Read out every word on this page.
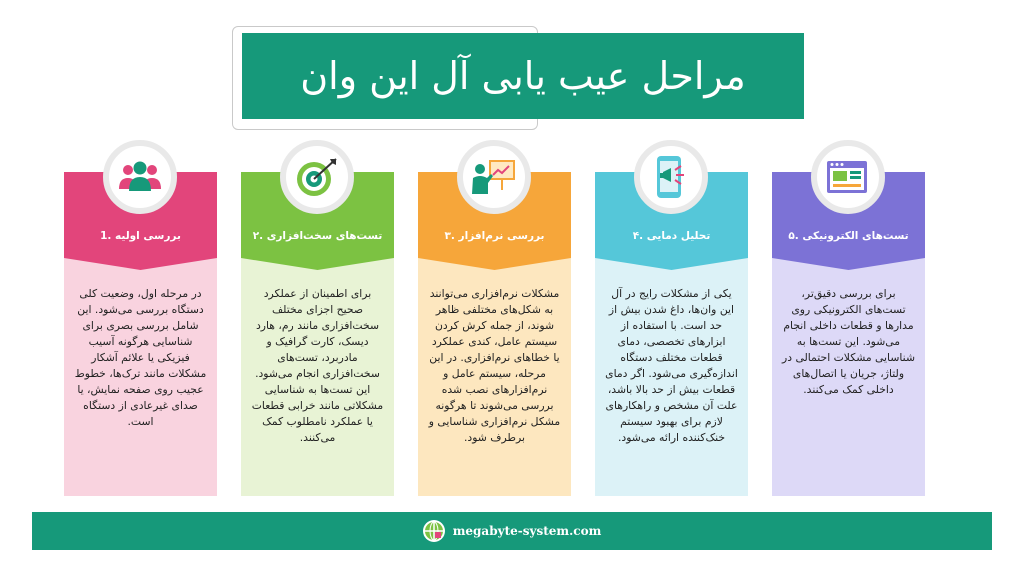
مراحل عیب یابی آل این وان
در مرحله اول، وضعیت کلی دستگاه بررسی می‌شود. این شامل بررسی بصری برای شناسایی هرگونه آسیب فیزیکی یا علائم آشکار مشکلات مانند ترک‌ها، خطوط عجیب روی صفحه نمایش، یا صدای غیرعادی از دستگاه است.
بررسی اولیه .1
برای اطمینان از عملکرد صحیح اجزای مختلف سخت‌افزاری مانند رم، هارد دیسک، کارت گرافیک و مادربرد، تست‌های سخت‌افزاری انجام می‌شود. این تست‌ها به شناسایی مشکلاتی مانند خرابی قطعات یا عملکرد نامطلوب کمک می‌کنند.
تست‌های سخت‌افزاری .۲
مشکلات نرم‌افزاری می‌توانند به شکل‌های مختلفی ظاهر شوند، از جمله کرش کردن سیستم عامل، کندی عملکرد یا خطاهای نرم‌افزاری. در این مرحله، سیستم عامل و نرم‌افزارهای نصب شده بررسی می‌شوند تا هرگونه مشکل نرم‌افزاری شناسایی و برطرف شود.
بررسی نرم‌افزار .۳
یکی از مشکلات رایج در آل این وان‌ها، داغ شدن بیش از حد است. با استفاده از ابزارهای تخصصی، دمای قطعات مختلف دستگاه اندازه‌گیری می‌شود. اگر دمای قطعات بیش از حد بالا باشد، علت آن مشخص و راهکارهای لازم برای بهبود سیستم خنک‌کننده ارائه می‌شود.
تحلیل دمایی .۴
برای بررسی دقیق‌تر، تست‌های الکترونیکی روی مدارها و قطعات داخلی انجام می‌شود. این تست‌ها به شناسایی مشکلات احتمالی در ولتاژ، جریان یا اتصال‌های داخلی کمک می‌کنند.
تست‌های الکترونیکی .۵
megabyte-system.com
